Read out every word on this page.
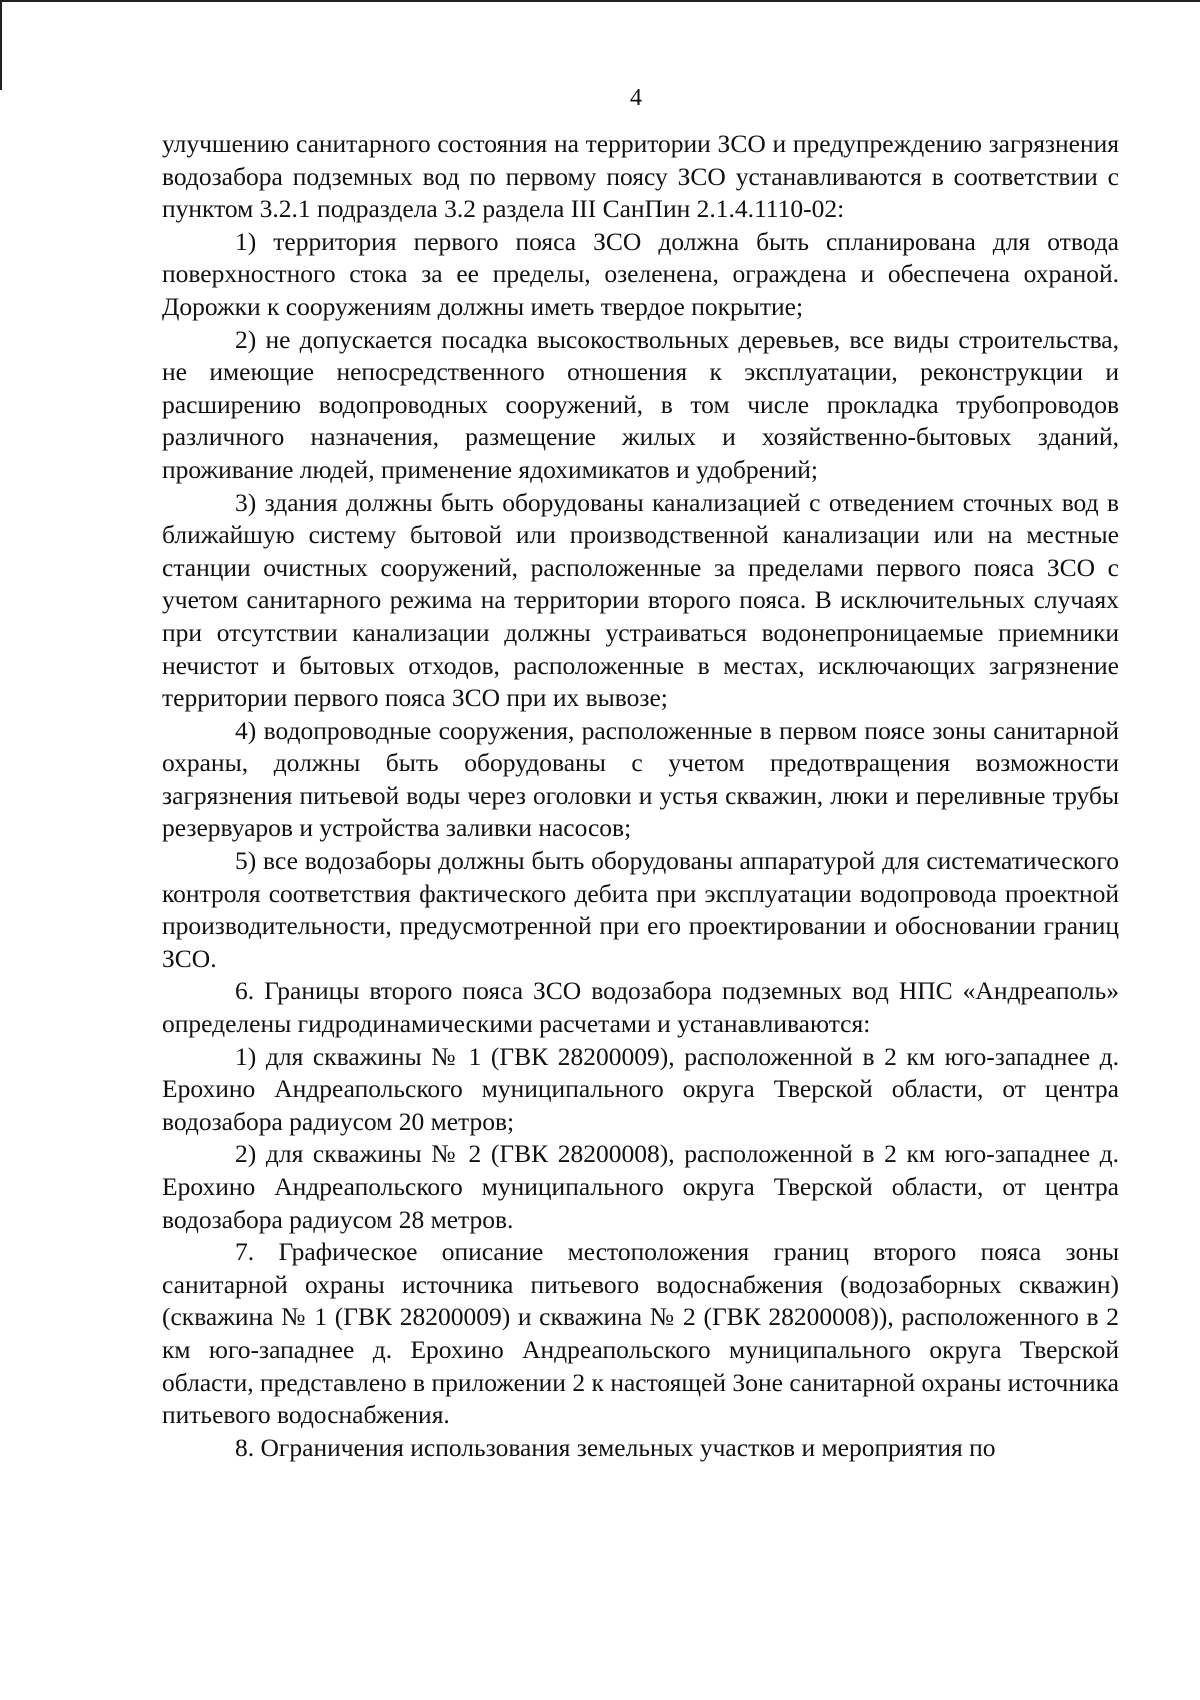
4

улучшению санитарного состояния на территории ЗСО и предупреждению загрязнения водозабора подземных вод по первому поясу ЗСО устанавливаются в соответствии с пунктом 3.2.1 подраздела 3.2 раздела III СанПин 2.1.4.1110-02:

1) территория первого пояса ЗСО должна быть спланирована для отвода поверхностного стока за ее пределы, озеленена, ограждена и обеспечена охраной. Дорожки к сооружениям должны иметь твердое покрытие;

2) не допускается посадка высокоствольных деревьев, все виды строительства, не имеющие непосредственного отношения к эксплуатации, реконструкции и расширению водопроводных сооружений, в том числе прокладка трубопроводов различного назначения, размещение жилых и хозяйственно-бытовых зданий, проживание людей, применение ядохимикатов и удобрений;

3) здания должны быть оборудованы канализацией с отведением сточных вод в ближайшую систему бытовой или производственной канализации или на местные станции очистных сооружений, расположенные за пределами первого пояса ЗСО с учетом санитарного режима на территории второго пояса. В исключительных случаях при отсутствии канализации должны устраиваться водонепроницаемые приемники нечистот и бытовых отходов, расположенные в местах, исключающих загрязнение территории первого пояса ЗСО при их вывозе;

4) водопроводные сооружения, расположенные в первом поясе зоны санитарной охраны, должны быть оборудованы с учетом предотвращения возможности загрязнения питьевой воды через оголовки и устья скважин, люки и переливные трубы резервуаров и устройства заливки насосов;

5) все водозаборы должны быть оборудованы аппаратурой для систематического контроля соответствия фактического дебита при эксплуатации водопровода проектной производительности, предусмотренной при его проектировании и обосновании границ ЗСО.

6. Границы второго пояса ЗСО водозабора подземных вод НПС «Андреаполь» определены гидродинамическими расчетами и устанавливаются:

1) для скважины № 1 (ГВК 28200009), расположенной в 2 км юго-западнее д. Ерохино Андреапольского муниципального округа Тверской области, от центра водозабора радиусом 20 метров;

2) для скважины № 2 (ГВК 28200008), расположенной в 2 км юго-западнее д. Ерохино Андреапольского муниципального округа Тверской области, от центра водозабора радиусом 28 метров.

7. Графическое описание местоположения границ второго пояса зоны санитарной охраны источника питьевого водоснабжения (водозаборных скважин) (скважина № 1 (ГВК 28200009) и скважина № 2 (ГВК 28200008)), расположенного в 2 км юго-западнее д. Ерохино Андреапольского муниципального округа Тверской области, представлено в приложении 2 к настоящей Зоне санитарной охраны источника питьевого водоснабжения.

8. Ограничения использования земельных участков и мероприятия по
